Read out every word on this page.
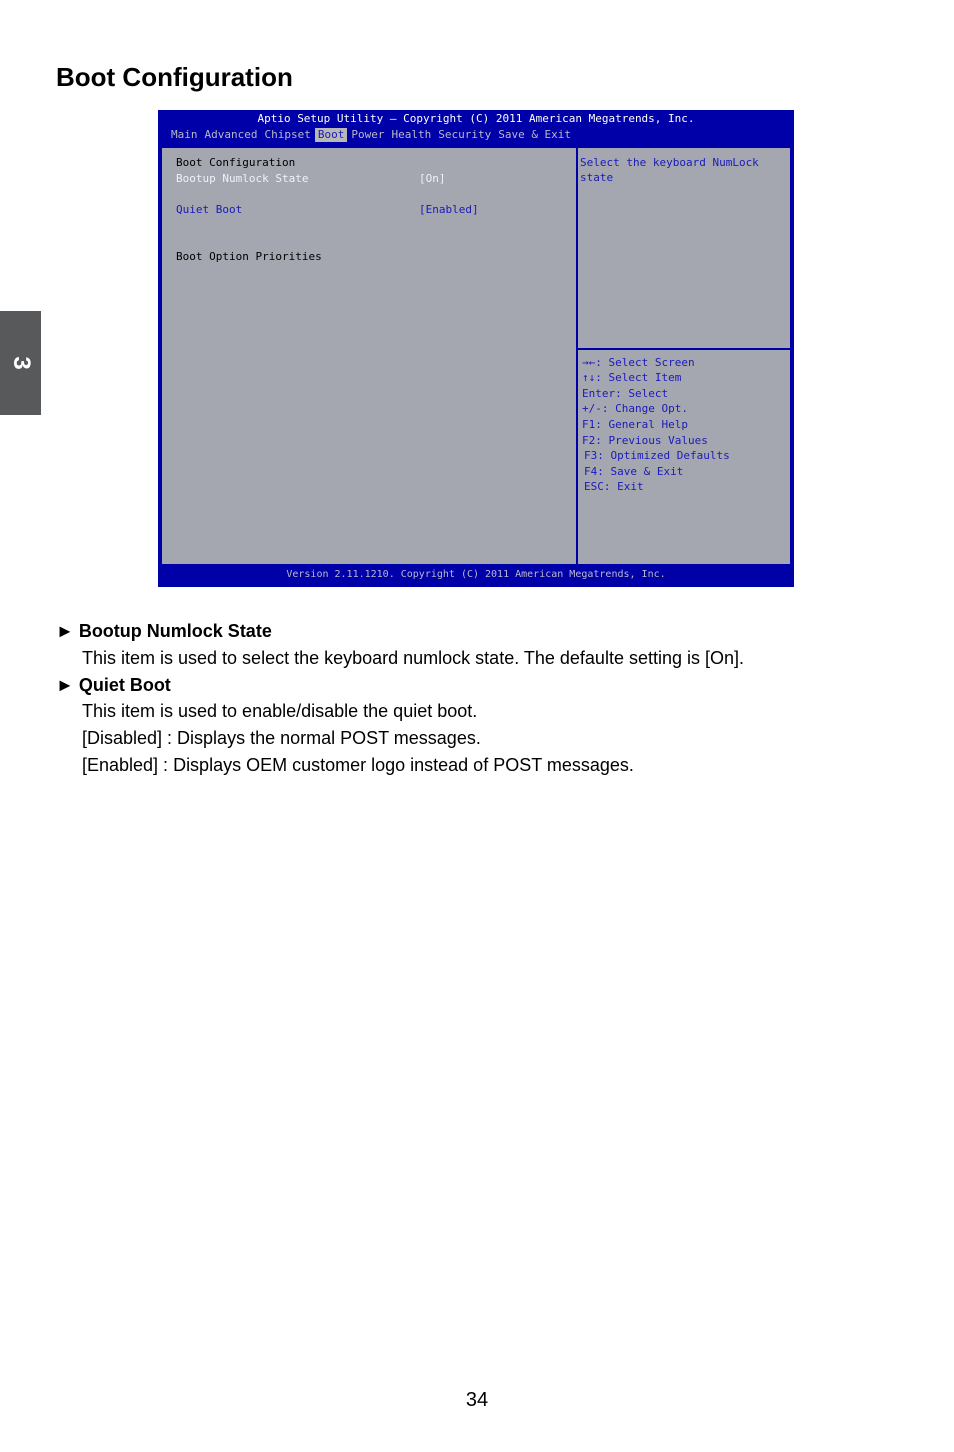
Boot Configuration
3
Aptio Setup Utility – Copyright (C) 2011 American Megatrends, Inc.
Main Advanced Chipset Boot Power Health Security Save & Exit
Boot Configuration
Bootup Numlock State	[On]
Quiet Boot	[Enabled]
Boot Option Priorities
Select the keyboard NumLock
state
→←: Select Screen
↑↓: Select Item
Enter: Select
+/-: Change Opt.
F1: General Help
F2: Previous Values
F3: Optimized Defaults
F4: Save & Exit
ESC: Exit
Version 2.11.1210. Copyright (C) 2011 American Megatrends, Inc.
► Bootup Numlock State
This item is used to select the keyboard numlock state. The defaulte setting is [On].
► Quiet Boot
This item is used to enable/disable the quiet boot.
[Disabled] : Displays the normal POST messages.
[Enabled] : Displays OEM customer logo instead of POST messages.
34
